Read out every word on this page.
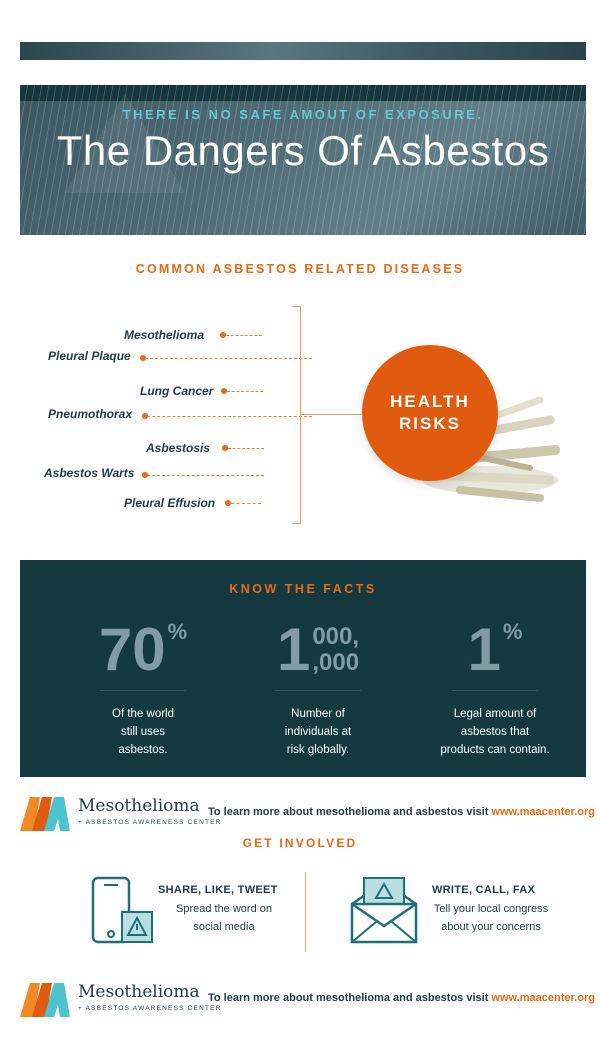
THERE IS NO SAFE AMOUT OF EXPOSURE.
The Dangers Of Asbestos
COMMON ASBESTOS RELATED DISEASES
Mesothelioma
Pleural Plaque
Lung Cancer
Pneumothorax
Asbestosis
Asbestos Warts
Pleural Effusion
HEALTH
RISKS
KNOW THE FACTS
70 %
Of the world
still uses
asbestos.
1 000,
,000
Number of
individuals at
risk globally.
1 %
Legal amount of
asbestos that
products can contain.
Mesothelioma
+ ASBESTOS AWARENESS CENTER
To learn more about mesothelioma and asbestos visit www.maacenter.org
GET INVOLVED
SHARE, LIKE, TWEET
Spread the word on
social media
WRITE, CALL, FAX
Tell your local congress
about your concerns
Mesothelioma
+ ASBESTOS AWARENESS CENTER
To learn more about mesothelioma and asbestos visit www.maacenter.org
